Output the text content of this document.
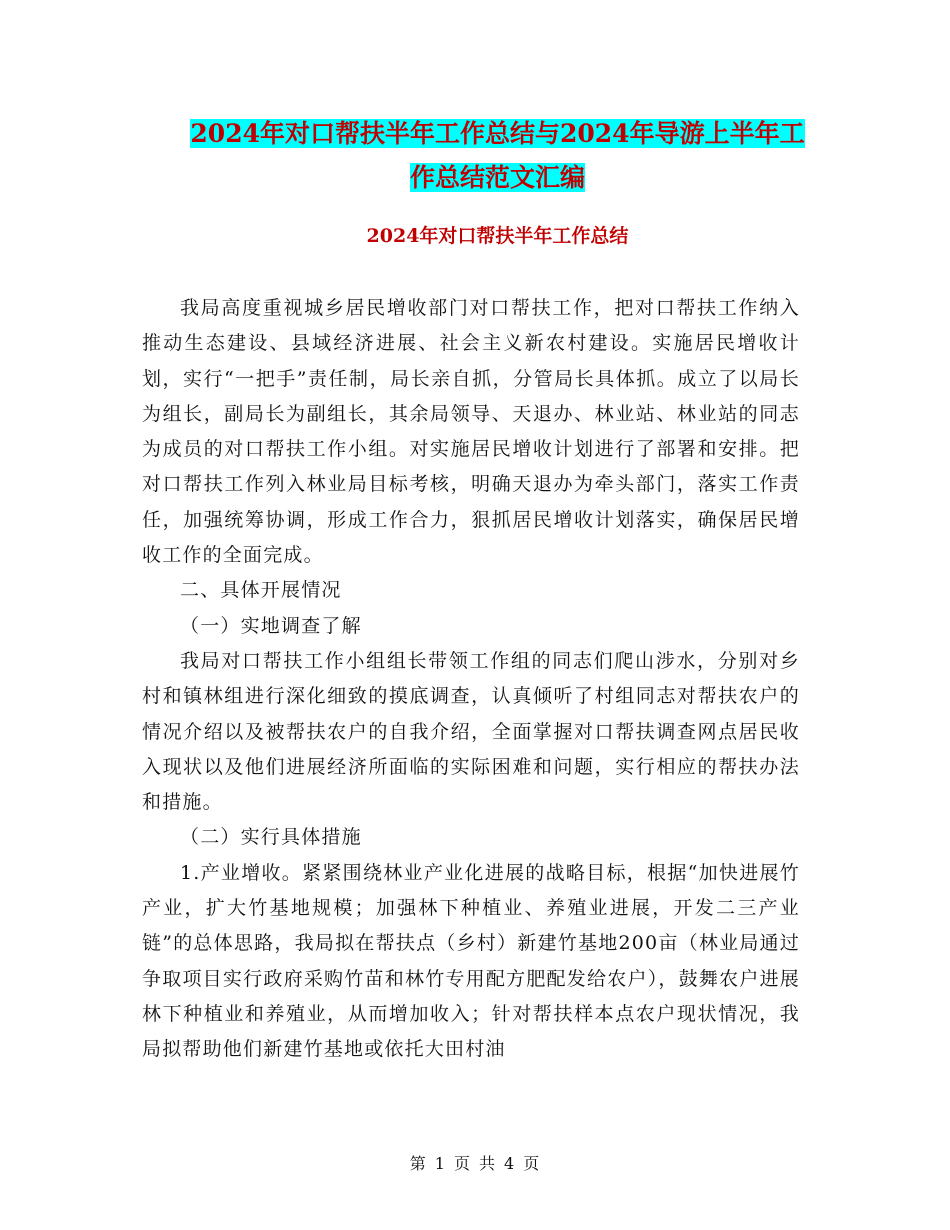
2024年对口帮扶半年工作总结与2024年导游上半年工
作总结范文汇编
2024年对口帮扶半年工作总结

我局高度重视城乡居民增收部门对口帮扶工作，把对口帮扶工作纳入推动生态建设、县域经济进展、社会主义新农村建设。实施居民增收计划，实行“一把手”责任制，局长亲自抓，分管局长具体抓。成立了以局长为组长，副局长为副组长，其余局领导、天退办、林业站、林业站的同志为成员的对口帮扶工作小组。对实施居民增收计划进行了部署和安排。把对口帮扶工作列入林业局目标考核，明确天退办为牵头部门，落实工作责任，加强统筹协调，形成工作合力，狠抓居民增收计划落实，确保居民增收工作的全面完成。

二、具体开展情况

（一）实地调查了解

我局对口帮扶工作小组组长带领工作组的同志们爬山涉水，分别对乡村和镇林组进行深化细致的摸底调查，认真倾听了村组同志对帮扶农户的情况介绍以及被帮扶农户的自我介绍，全面掌握对口帮扶调查网点居民收入现状以及他们进展经济所面临的实际困难和问题，实行相应的帮扶办法和措施。

（二）实行具体措施

1.产业增收。紧紧围绕林业产业化进展的战略目标，根据“加快进展竹产业，扩大竹基地规模；加强林下种植业、养殖业进展，开发二三产业链”的总体思路，我局拟在帮扶点（乡村）新建竹基地200亩（林业局通过争取项目实行政府采购竹苗和林竹专用配方肥配发给农户），鼓舞农户进展林下种植业和养殖业，从而增加收入；针对帮扶样本点农户现状情况，我局拟帮助他们新建竹基地或依托大田村油

第 1 页 共 4 页
